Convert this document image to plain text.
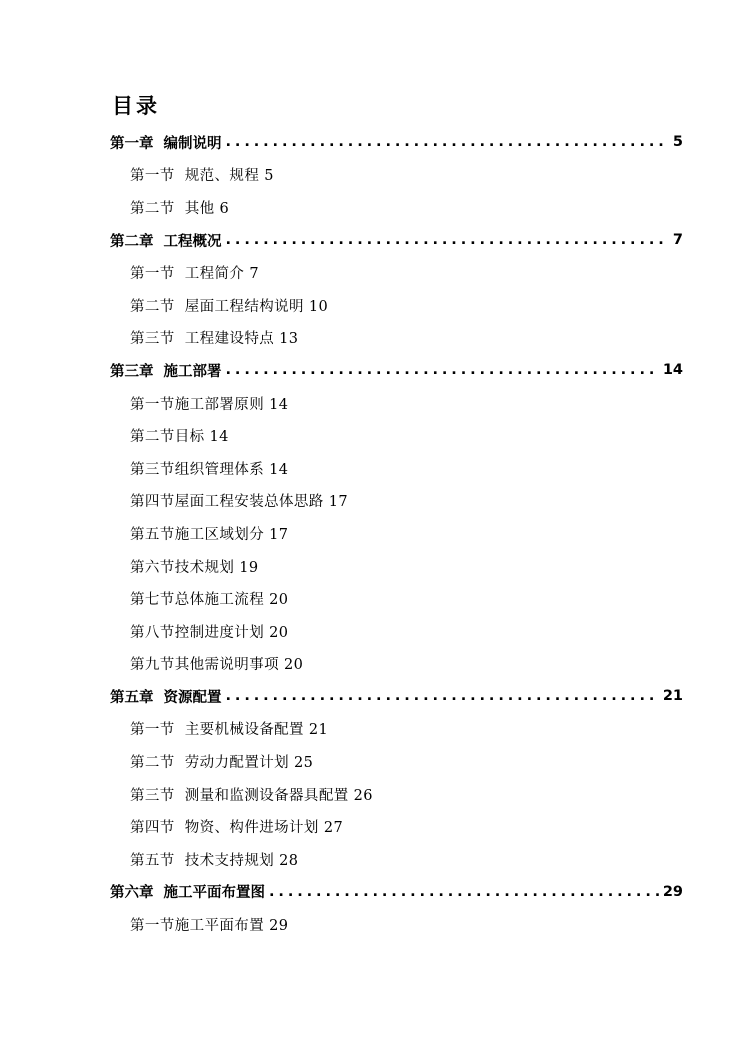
目录
第一章 编制说明 .....	5
第一节  规范、规程 5
第二节  其他 6
第二章 工程概况 .....	7
第一节  工程简介 7
第二节  屋面工程结构说明 10
第三节  工程建设特点 13
第三章 施工部署 .....	14
第一节施工部署原则 14
第二节目标 14
第三节组织管理体系 14
第四节屋面工程安装总体思路 17
第五节施工区域划分 17
第六节技术规划 19
第七节总体施工流程 20
第八节控制进度计划 20
第九节其他需说明事项 20
第五章 资源配置 .....	21
第一节  主要机械设备配置 21
第二节  劳动力配置计划 25
第三节  测量和监测设备器具配置 26
第四节  物资、构件进场计划 27
第五节  技术支持规划 28
第六章 施工平面布置图 .....	29
第一节施工平面布置 29
